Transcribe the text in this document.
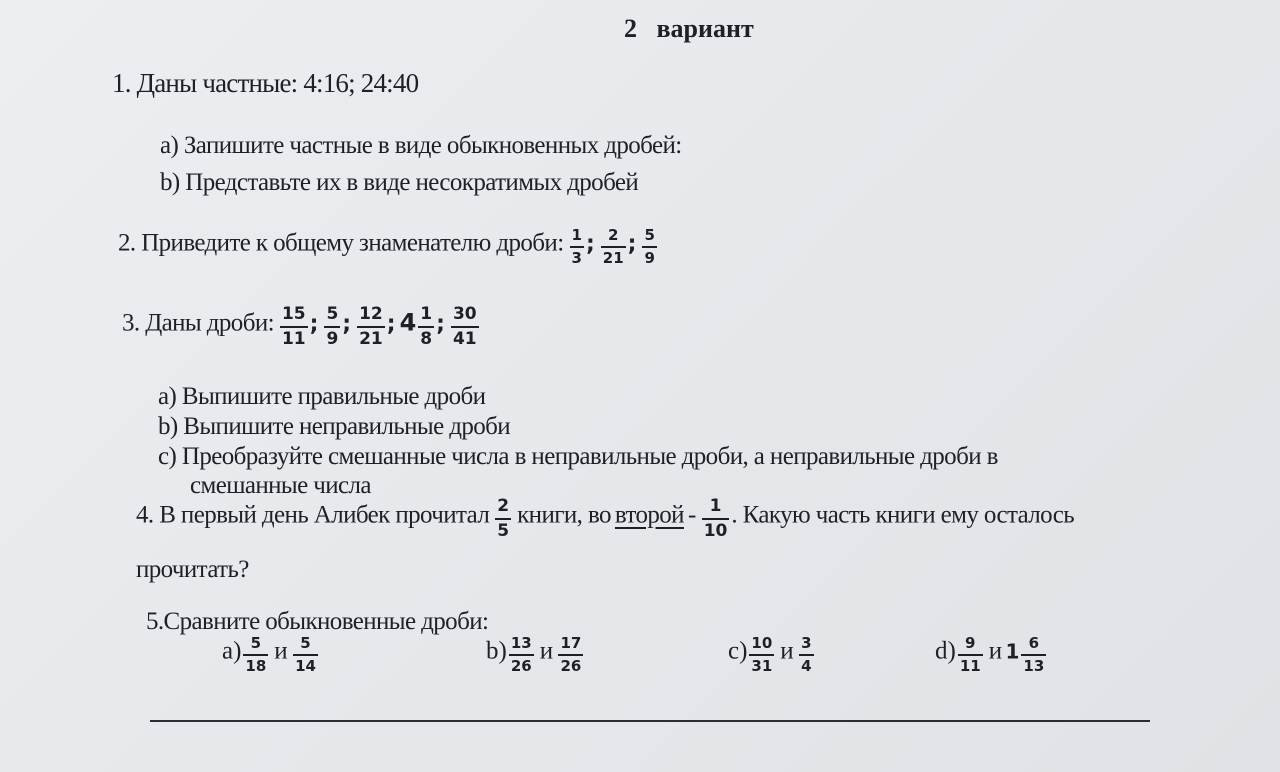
2 вариант
1. Даны частные: 4:16; 24:40
а) Запишите частные в виде обыкновенных дробей:
b) Представьте их в виде несократимых дробей
2. Приведите к общему знаменателю дроби: $\frac{1}{3}$ ; $\frac{2}{21}$ ; $\frac{5}{9}$
3. Даны дроби: $\frac{15}{11}$ ; $\frac{5}{9}$ ; $\frac{12}{21}$ ; $4 \frac{1}{8}$ ; $\frac{30}{41}$
а) Выпишите правильные дроби
b) Выпишите неправильные дроби
с) Преобразуйте смешанные числа в неправильные дроби, а неправильные дроби в
смешанные числа
4. В первый день Алибек прочитал $\frac{2}{5}$ книги, во второй - $\frac{1}{10}$ . Какую часть книги ему осталось
прочитать?
5.Сравните обыкновенные дроби:
$а) \frac{5}{18}$ и $\frac{5}{14}$	$b) \frac{13}{26}$ и $\frac{17}{26}$	$с) \frac{10}{31}$ и $\frac{3}{4}$	$d) \frac{9}{11}$ и $1 \frac{6}{13}$
